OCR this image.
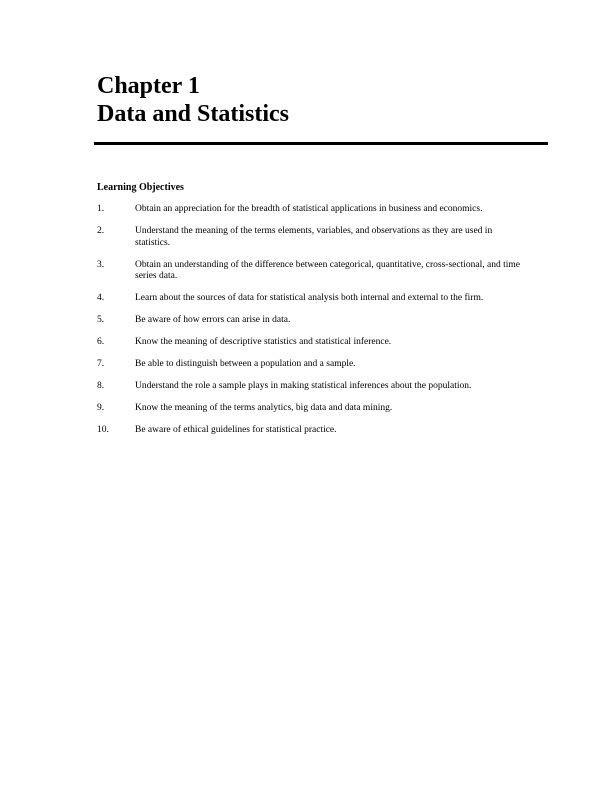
Chapter 1
Data and Statistics
Learning Objectives
1.	Obtain an appreciation for the breadth of statistical applications in business and economics.
2.	Understand the meaning of the terms elements, variables, and observations as they are used in statistics.
3.	Obtain an understanding of the difference between categorical, quantitative, cross-sectional, and time series data.
4.	Learn about the sources of data for statistical analysis both internal and external to the firm.
5.	Be aware of how errors can arise in data.
6.	Know the meaning of descriptive statistics and statistical inference.
7.	Be able to distinguish between a population and a sample.
8.	Understand the role a sample plays in making statistical inferences about the population.
9.	Know the meaning of the terms analytics, big data and data mining.
10.	Be aware of ethical guidelines for statistical practice.
